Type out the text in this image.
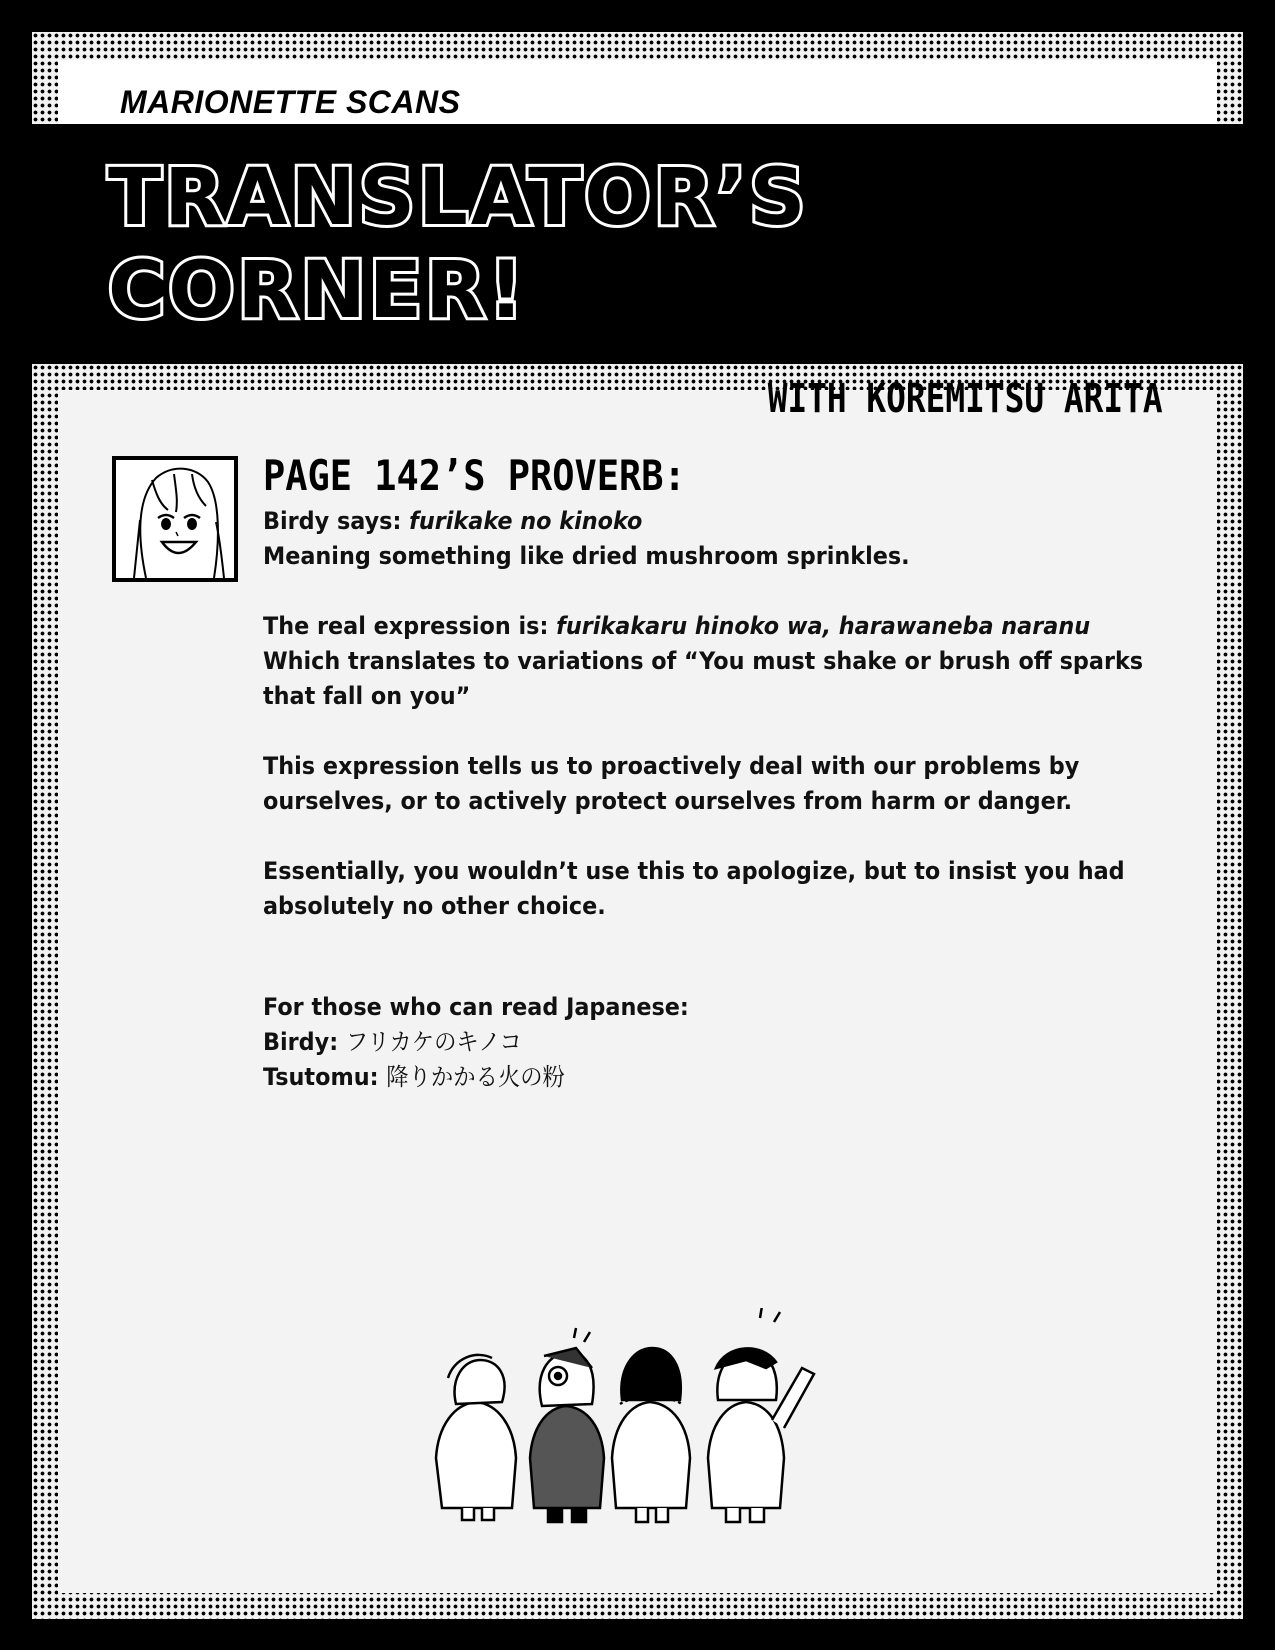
MARIONETTE SCANS

TRANSLATOR’S
CORNER!

WITH KOREMITSU ARITA

PAGE 142’S PROVERB:

Birdy says: furikake no kinoko

Meaning something like dried mushroom sprinkles.

The real expression is: furikakaru hinoko wa, harawaneba naranu

Which translates to variations of “You must shake or brush off sparks

that fall on you”

This expression tells us to proactively deal with our problems by

ourselves, or to actively protect ourselves from harm or danger.

Essentially, you wouldn’t use this to apologize, but to insist you had

absolutely no other choice.

For those who can read Japanese:

Birdy: フリカケのキノコ

Tsutomu: 降りかかる火の粉
